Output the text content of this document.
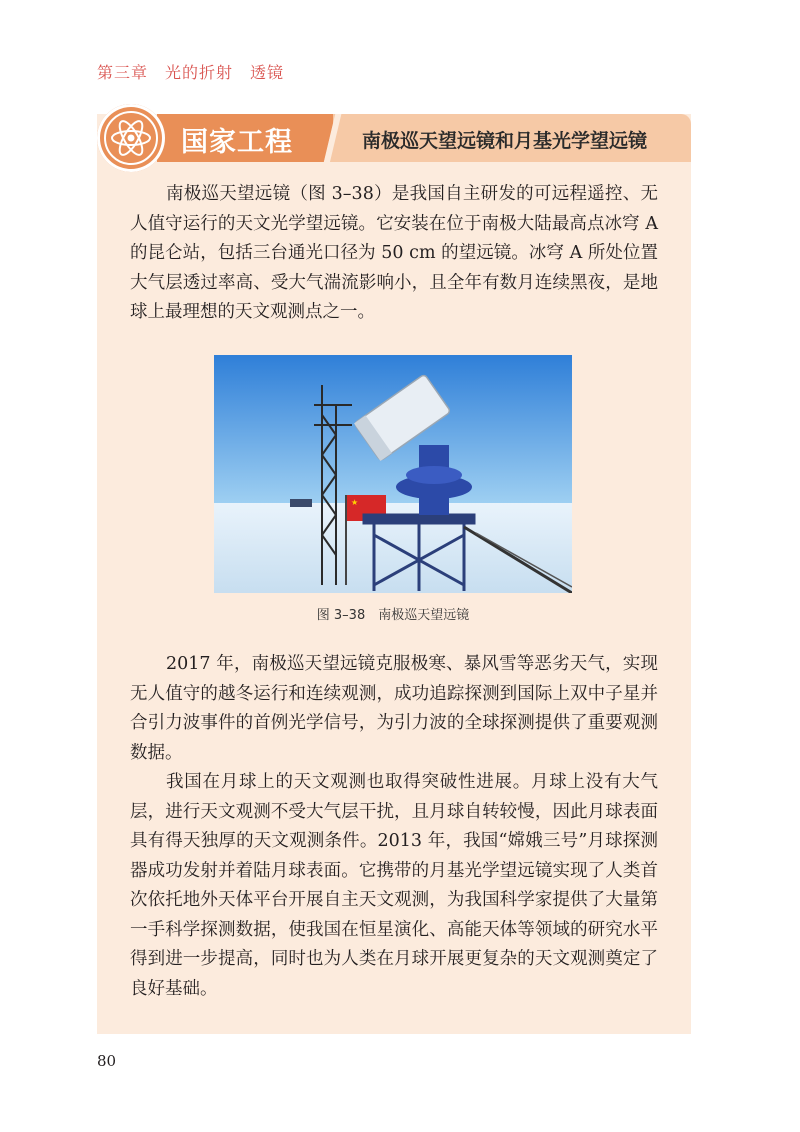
第三章　光的折射　透镜
国家工程	南极巡天望远镜和月基光学望远镜

南极巡天望远镜（图 3–38）是我国自主研发的可远程遥控、无人值守运行的天文光学望远镜。它安装在位于南极大陆最高点冰穹 A 的昆仑站，包括三台通光口径为 50 cm 的望远镜。冰穹 A 所处位置大气层透过率高、受大气湍流影响小，且全年有数月连续黑夜，是地球上最理想的天文观测点之一。

★
图 3–38　南极巡天望远镜

2017 年，南极巡天望远镜克服极寒、暴风雪等恶劣天气，实现无人值守的越冬运行和连续观测，成功追踪探测到国际上双中子星并合引力波事件的首例光学信号，为引力波的全球探测提供了重要观测数据。

我国在月球上的天文观测也取得突破性进展。月球上没有大气层，进行天文观测不受大气层干扰，且月球自转较慢，因此月球表面具有得天独厚的天文观测条件。2013 年，我国“嫦娥三号”月球探测器成功发射并着陆月球表面。它携带的月基光学望远镜实现了人类首次依托地外天体平台开展自主天文观测，为我国科学家提供了大量第一手科学探测数据，使我国在恒星演化、高能天体等领域的研究水平得到进一步提高，同时也为人类在月球开展更复杂的天文观测奠定了良好基础。

80
